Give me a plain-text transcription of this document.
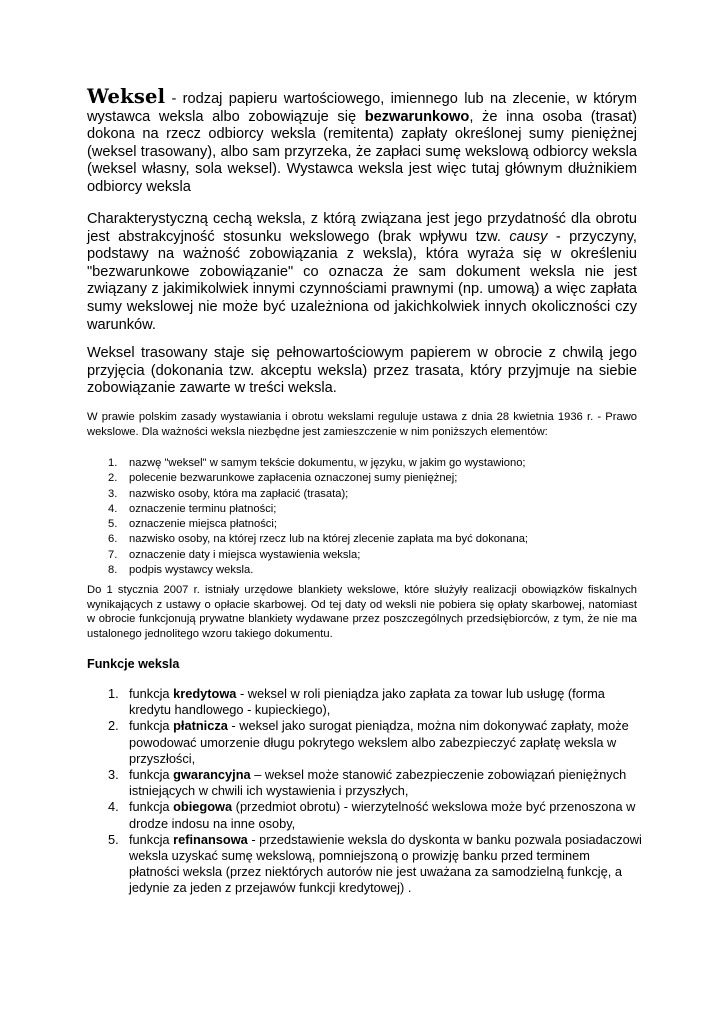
Weksel - rodzaj papieru wartościowego, imiennego lub na zlecenie, w którym wystawca weksla albo zobowiązuje się bezwarunkowo, że inna osoba (trasat) dokona na rzecz odbiorcy weksla (remitenta) zapłaty określonej sumy pieniężnej (weksel trasowany), albo sam przyrzeka, że zapłaci sumę wekslową odbiorcy weksla (weksel własny, sola weksel). Wystawca weksla jest więc tutaj głównym dłużnikiem odbiorcy weksla

Charakterystyczną cechą weksla, z którą związana jest jego przydatność dla obrotu jest abstrakcyjność stosunku wekslowego (brak wpływu tzw. causy - przyczyny, podstawy na ważność zobowiązania z weksla), która wyraża się w określeniu "bezwarunkowe zobowiązanie" co oznacza że sam dokument weksla nie jest związany z jakimikolwiek innymi czynnościami prawnymi (np. umową) a więc zapłata sumy wekslowej nie może być uzależniona od jakichkolwiek innych okoliczności czy warunków.

Weksel trasowany staje się pełnowartościowym papierem w obrocie z chwilą jego przyjęcia (dokonania tzw. akceptu weksla) przez trasata, który przyjmuje na siebie zobowiązanie zawarte w treści weksla.

W prawie polskim zasady wystawiania i obrotu wekslami reguluje ustawa z dnia 28 kwietnia 1936 r. - Prawo wekslowe. Dla ważności weksla niezbędne jest zamieszczenie w nim poniższych elementów:

1.	nazwę "weksel" w samym tekście dokumentu, w języku, w jakim go wystawiono;
2.	polecenie bezwarunkowe zapłacenia oznaczonej sumy pieniężnej;
3.	nazwisko osoby, która ma zapłacić (trasata);
4.	oznaczenie terminu płatności;
5.	oznaczenie miejsca płatności;
6.	nazwisko osoby, na której rzecz lub na której zlecenie zapłata ma być dokonana;
7.	oznaczenie daty i miejsca wystawienia weksla;
8.	podpis wystawcy weksla.

Do 1 stycznia 2007 r. istniały urzędowe blankiety wekslowe, które służyły realizacji obowiązków fiskalnych wynikających z ustawy o opłacie skarbowej. Od tej daty od weksli nie pobiera się opłaty skarbowej, natomiast w obrocie funkcjonują prywatne blankiety wydawane przez poszczególnych przedsiębiorców, z tym, że nie ma ustalonego jednolitego wzoru takiego dokumentu.

Funkcje weksla
1. funkcja kredytowa - weksel w roli pieniądza jako zapłata za towar lub usługę (forma kredytu handlowego - kupieckiego),
2. funkcja płatnicza - weksel jako surogat pieniądza, można nim dokonywać zapłaty, może powodować umorzenie długu pokrytego wekslem albo zabezpieczyć zapłatę weksla w przyszłości,
3. funkcja gwarancyjna – weksel może stanowić zabezpieczenie zobowiązań pieniężnych istniejących w chwili ich wystawienia i przyszłych,
4. funkcja obiegowa (przedmiot obrotu) - wierzytelność wekslowa może być przenoszona w drodze indosu na inne osoby,
5. funkcja refinansowa - przedstawienie weksla do dyskonta w banku pozwala posiadaczowi weksla uzyskać sumę wekslową, pomniejszoną o prowizję banku przed terminem płatności weksla (przez niektórych autorów nie jest uważana za samodzielną funkcję, a jedynie za jeden z przejawów funkcji kredytowej) .
